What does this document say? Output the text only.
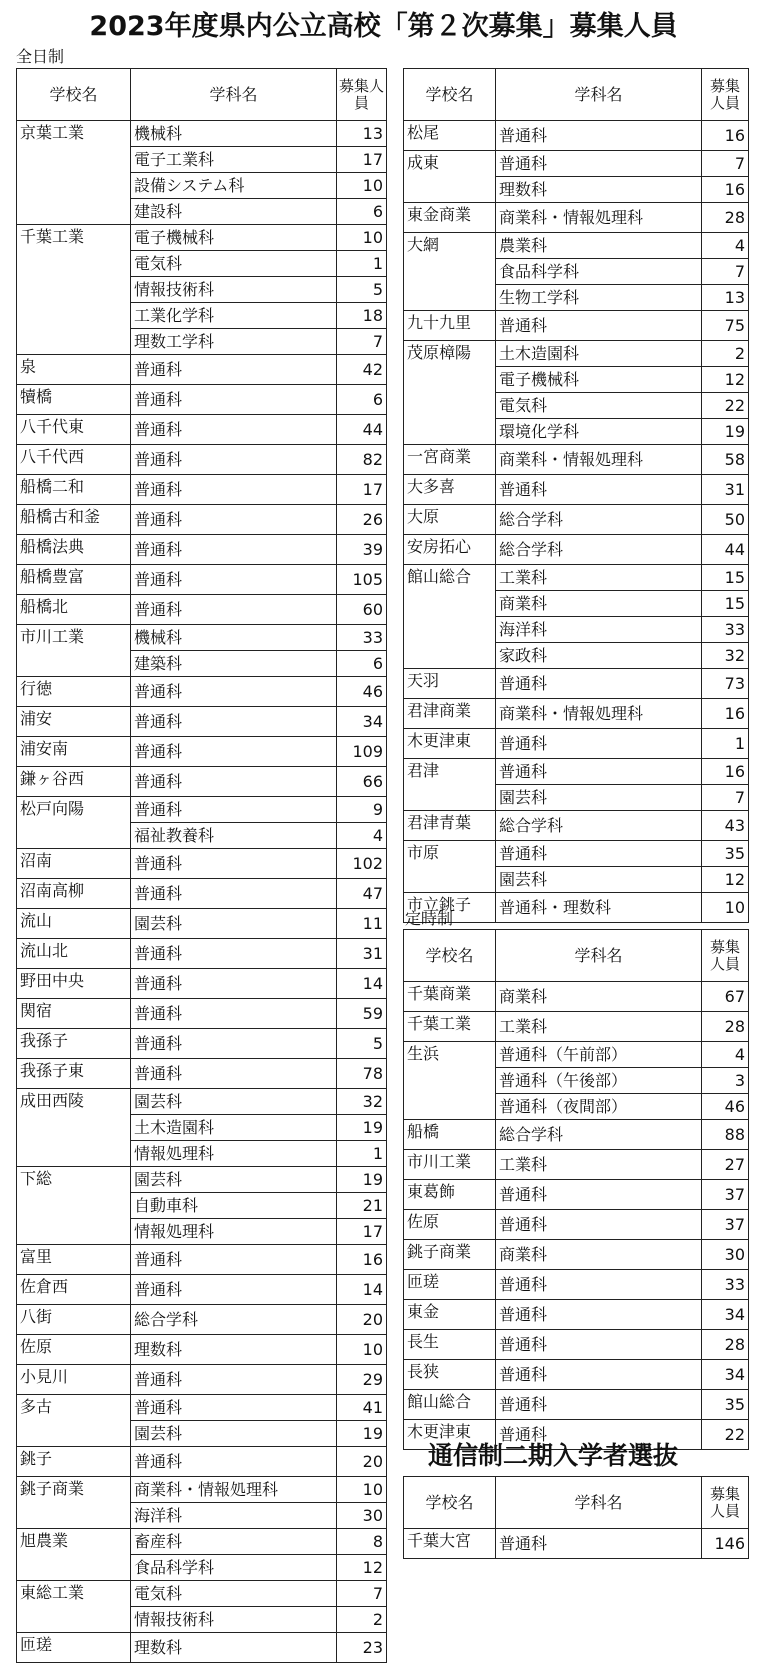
2023年度県内公立高校「第２次募集」募集人員
全日制
学校名	学科名	募集人員
京葉工業	機械科	13
	電子工業科	17
	設備システム科	10
	建設科	6
千葉工業	電子機械科	10
	電気科	1
	情報技術科	5
	工業化学科	18
	理数工学科	7
泉	普通科	42
犢橋	普通科	6
八千代東	普通科	44
八千代西	普通科	82
船橋二和	普通科	17
船橋古和釜	普通科	26
船橋法典	普通科	39
船橋豊富	普通科	105
船橋北	普通科	60
市川工業	機械科	33
	建築科	6
行徳	普通科	46
浦安	普通科	34
浦安南	普通科	109
鎌ヶ谷西	普通科	66
松戸向陽	普通科	9
	福祉教養科	4
沼南	普通科	102
沼南高柳	普通科	47
流山	園芸科	11
流山北	普通科	31
野田中央	普通科	14
関宿	普通科	59
我孫子	普通科	5
我孫子東	普通科	78
成田西陵	園芸科	32
	土木造園科	19
	情報処理科	1
下総	園芸科	19
	自動車科	21
	情報処理科	17
富里	普通科	16
佐倉西	普通科	14
八街	総合学科	20
佐原	理数科	10
小見川	普通科	29
多古	普通科	41
	園芸科	19
銚子	普通科	20
銚子商業	商業科・情報処理科	10
	海洋科	30
旭農業	畜産科	8
	食品科学科	12
東総工業	電気科	7
	情報技術科	2
匝瑳	理数科	23
学校名	学科名	募集人員
松尾	普通科	16
成東	普通科	7
	理数科	16
東金商業	商業科・情報処理科	28
大網	農業科	4
	食品科学科	7
	生物工学科	13
九十九里	普通科	75
茂原樟陽	土木造園科	2
	電子機械科	12
	電気科	22
	環境化学科	19
一宮商業	商業科・情報処理科	58
大多喜	普通科	31
大原	総合学科	50
安房拓心	総合学科	44
館山総合	工業科	15
	商業科	15
	海洋科	33
	家政科	32
天羽	普通科	73
君津商業	商業科・情報処理科	16
木更津東	普通科	1
君津	普通科	16
	園芸科	7
君津青葉	総合学科	43
市原	普通科	35
	園芸科	12
市立銚子	普通科・理数科	10
定時制
学校名	学科名	募集人員
千葉商業	商業科	67
千葉工業	工業科	28
生浜	普通科（午前部）	4
	普通科（午後部）	3
	普通科（夜間部）	46
船橋	総合学科	88
市川工業	工業科	27
東葛飾	普通科	37
佐原	普通科	37
銚子商業	商業科	30
匝瑳	普通科	33
東金	普通科	34
長生	普通科	28
長狭	普通科	34
館山総合	普通科	35
木更津東	普通科	22
通信制二期入学者選抜
学校名	学科名	募集人員
千葉大宮	普通科	146
